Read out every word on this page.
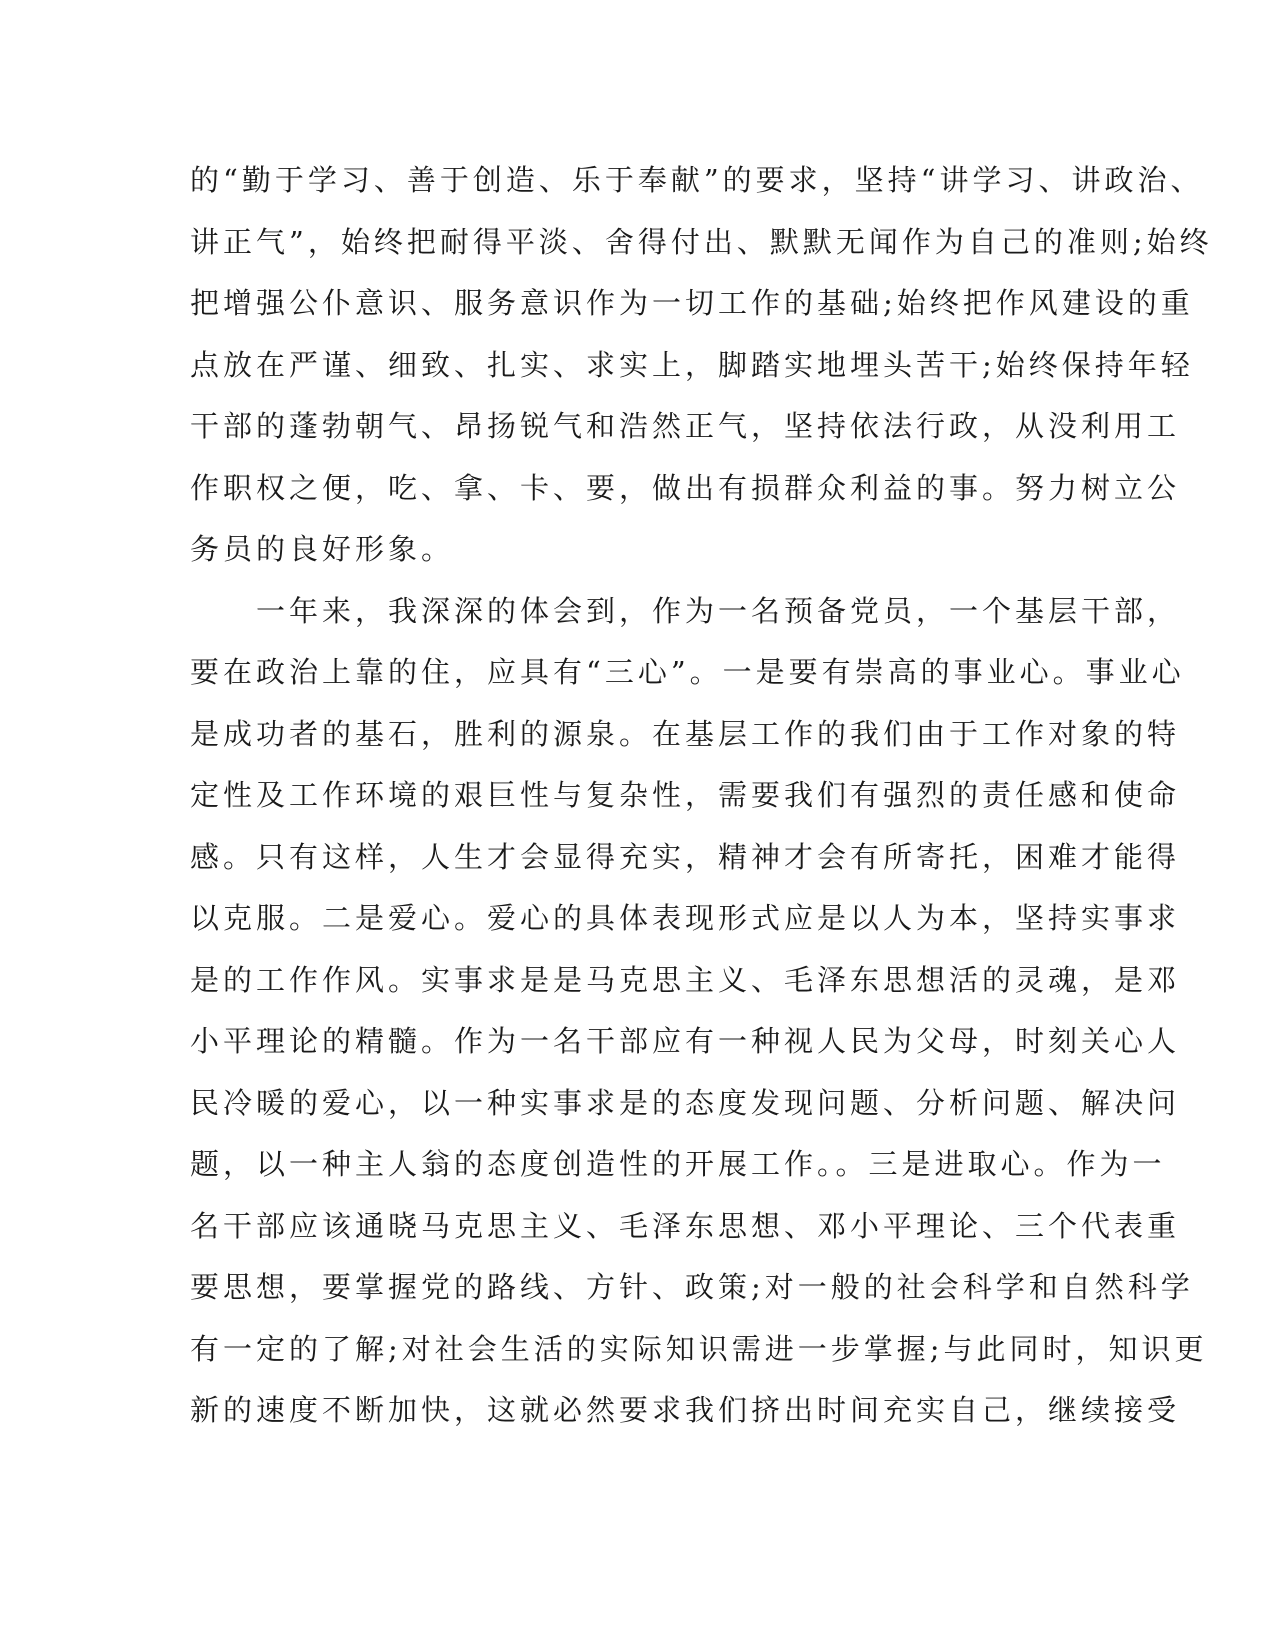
的“勤于学习、善于创造、乐于奉献”的要求，坚持“讲学习、讲政治、
讲正气”，始终把耐得平淡、舍得付出、默默无闻作为自己的准则;始终
把增强公仆意识、服务意识作为一切工作的基础;始终把作风建设的重
点放在严谨、细致、扎实、求实上，脚踏实地埋头苦干;始终保持年轻
干部的蓬勃朝气、昂扬锐气和浩然正气，坚持依法行政，从没利用工
作职权之便，吃、拿、卡、要，做出有损群众利益的事。努力树立公
务员的良好形象。
一年来，我深深的体会到，作为一名预备党员，一个基层干部，
要在政治上靠的住，应具有“三心”。一是要有崇高的事业心。事业心
是成功者的基石，胜利的源泉。在基层工作的我们由于工作对象的特
定性及工作环境的艰巨性与复杂性，需要我们有强烈的责任感和使命
感。只有这样，人生才会显得充实，精神才会有所寄托，困难才能得
以克服。二是爱心。爱心的具体表现形式应是以人为本，坚持实事求
是的工作作风。实事求是是马克思主义、毛泽东思想活的灵魂，是邓
小平理论的精髓。作为一名干部应有一种视人民为父母，时刻关心人
民冷暖的爱心，以一种实事求是的态度发现问题、分析问题、解决问
题，以一种主人翁的态度创造性的开展工作。。三是进取心。作为一
名干部应该通晓马克思主义、毛泽东思想、邓小平理论、三个代表重
要思想，要掌握党的路线、方针、政策;对一般的社会科学和自然科学
有一定的了解;对社会生活的实际知识需进一步掌握;与此同时，知识更
新的速度不断加快，这就必然要求我们挤出时间充实自己，继续接受
